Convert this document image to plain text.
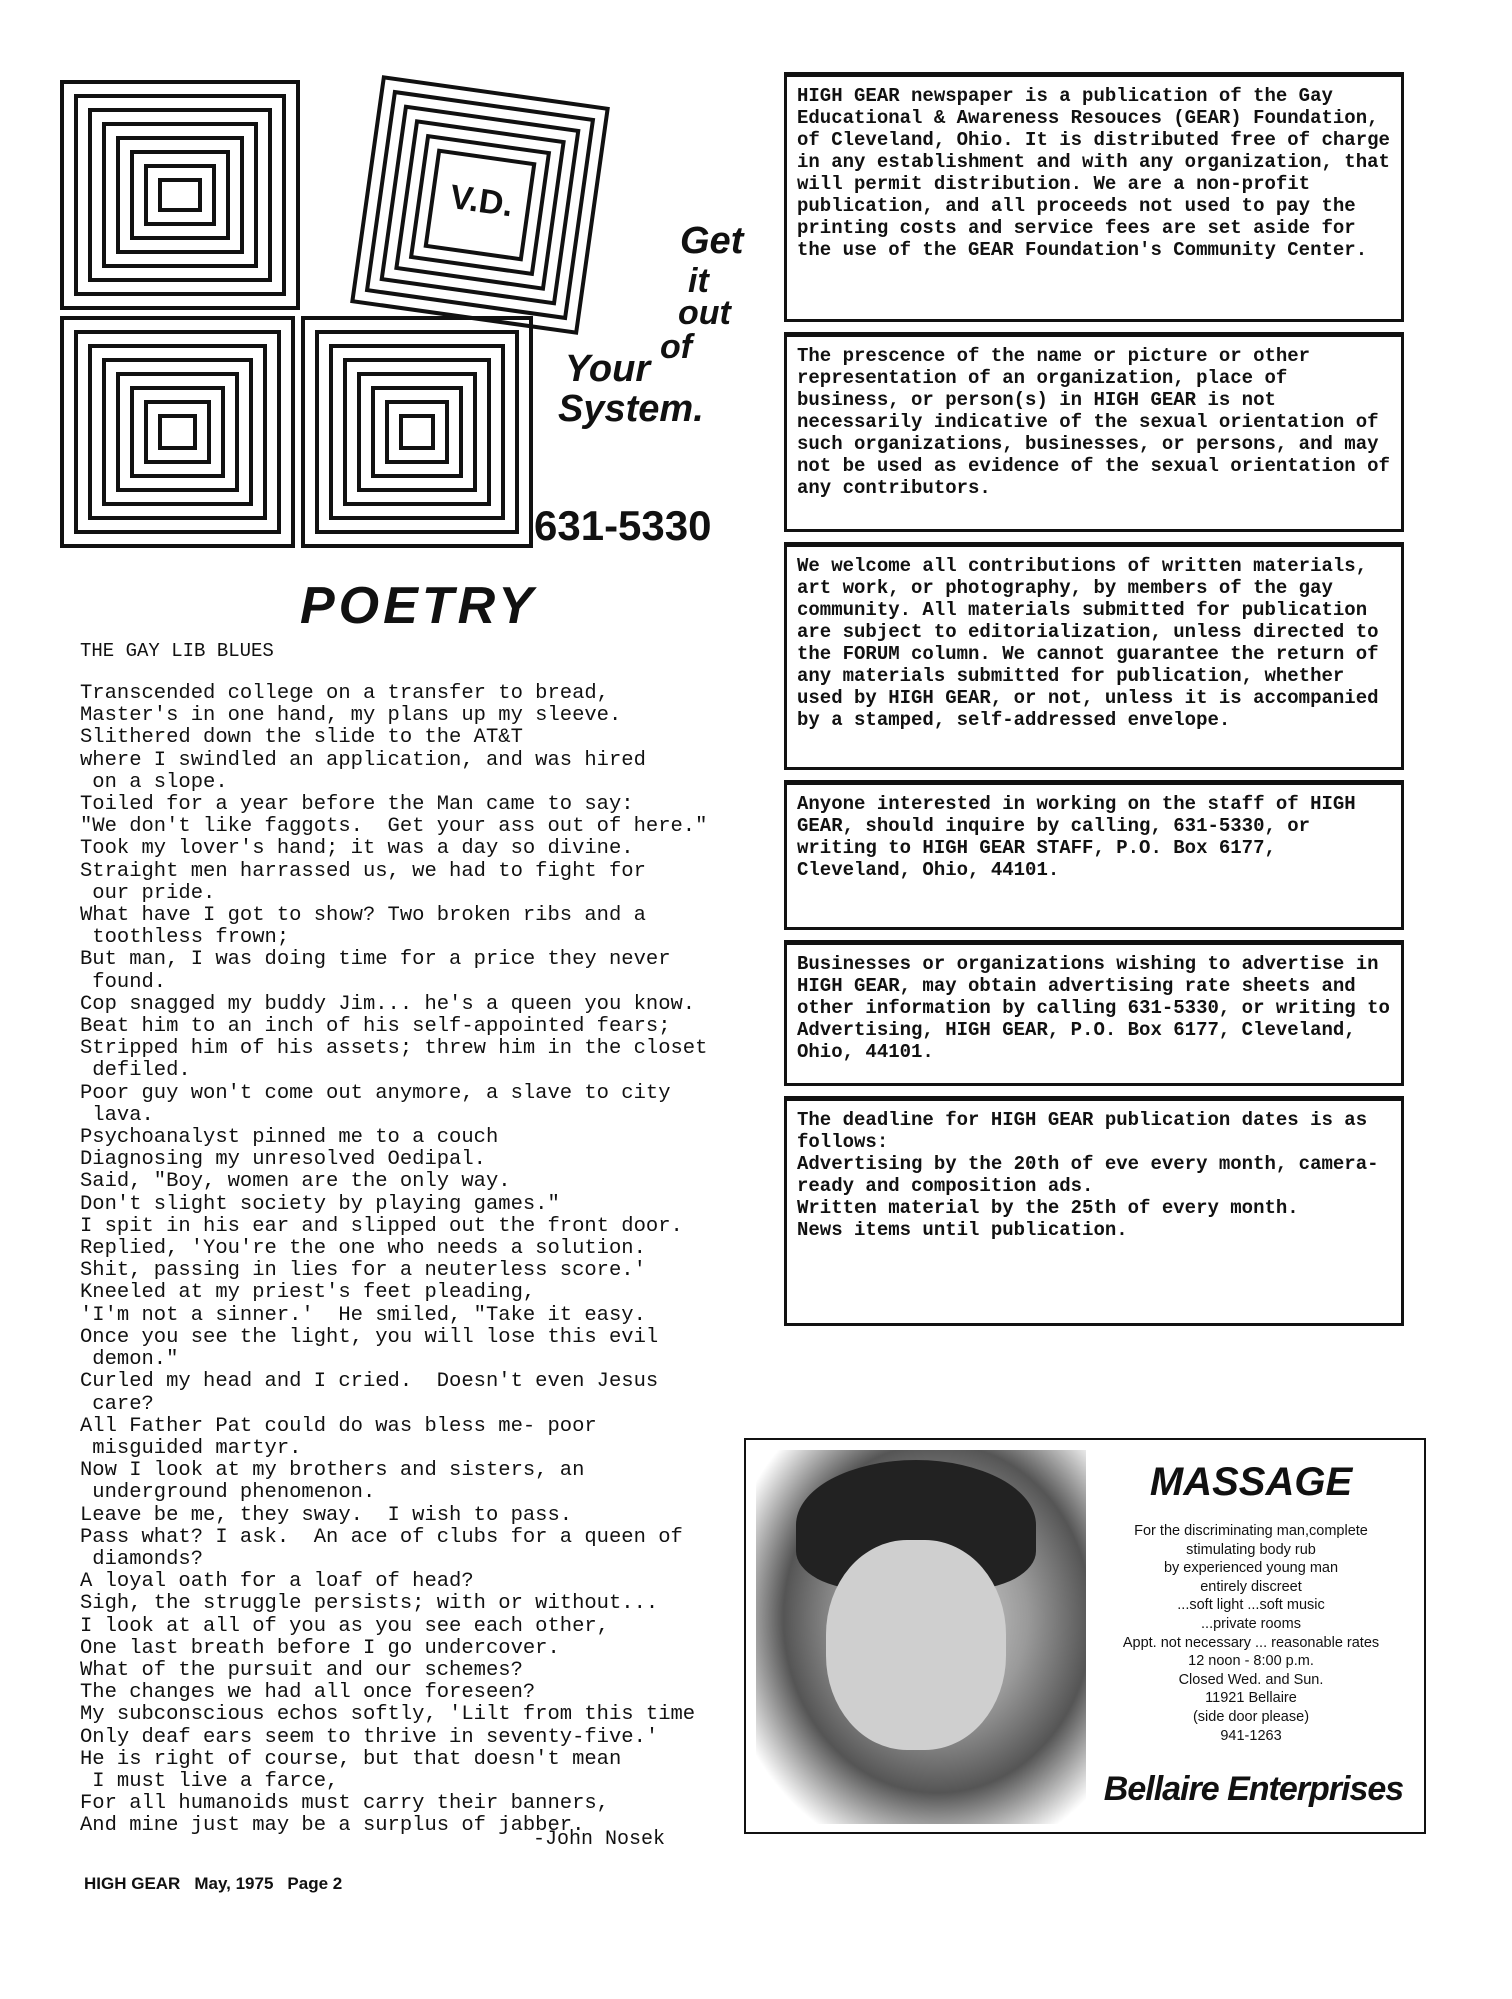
V.D.
Get
it
out
of
Your
System.
631-5330
POETRY
THE GAY LIB BLUES
Transcended college on a transfer to bread,
Master's in one hand, my plans up my sleeve.
Slithered down the slide to the AT&T
where I swindled an application, and was hired
on a slope.
Toiled for a year before the Man came to say:
"We don't like faggots.  Get your ass out of here."
Took my lover's hand; it was a day so divine.
Straight men harrassed us, we had to fight for
our pride.
What have I got to show? Two broken ribs and a
toothless frown;
But man, I was doing time for a price they never
found.
Cop snagged my buddy Jim... he's a queen you know.
Beat him to an inch of his self-appointed fears;
Stripped him of his assets; threw him in the closet
defiled.
Poor guy won't come out anymore, a slave to city
lava.
Psychoanalyst pinned me to a couch
Diagnosing my unresolved Oedipal.
Said, "Boy, women are the only way.
Don't slight society by playing games."
I spit in his ear and slipped out the front door.
Replied, 'You're the one who needs a solution.
Shit, passing in lies for a neuterless score.'
Kneeled at my priest's feet pleading,
'I'm not a sinner.'  He smiled, "Take it easy.
Once you see the light, you will lose this evil
demon."
Curled my head and I cried.  Doesn't even Jesus
care?
All Father Pat could do was bless me- poor
misguided martyr.
Now I look at my brothers and sisters, an
underground phenomenon.
Leave be me, they sway.  I wish to pass.
Pass what? I ask.  An ace of clubs for a queen of
diamonds?
A loyal oath for a loaf of head?
Sigh, the struggle persists; with or without...
I look at all of you as you see each other,
One last breath before I go undercover.
What of the pursuit and our schemes?
The changes we had all once foreseen?
My subconscious echos softly, 'Lilt from this time
Only deaf ears seem to thrive in seventy-five.'
He is right of course, but that doesn't mean
I must live a farce,
For all humanoids must carry their banners,
And mine just may be a surplus of jabber.
-John Nosek
HIGH GEAR May, 1975 Page 2

HIGH GEAR newspaper is a publication of the Gay Educational & Awareness Resouces (GEAR) Foundation, of Cleveland, Ohio. It is distributed free of charge in any establishment and with any organization, that will permit distribution. We are a non-profit publication, and all proceeds not used to pay the printing costs and service fees are set aside for the use of the GEAR Foundation's Community Center.

The prescence of the name or picture or other representation of an organization, place of business, or person(s) in HIGH GEAR is not necessarily indicative of the sexual orientation of such organizations, businesses, or persons, and may not be used as evidence of the sexual orientation of any contributors.

We welcome all contributions of written materials, art work, or photography, by members of the gay community. All materials submitted for publication are subject to editorialization, unless directed to the FORUM column. We cannot guarantee the return of any materials submitted for publication, whether used by HIGH GEAR, or not, unless it is accompanied by a stamped, self-addressed envelope.

Anyone interested in working on the staff of HIGH GEAR, should inquire by calling, 631-5330, or writing to HIGH GEAR STAFF, P.O. Box 6177, Cleveland, Ohio, 44101.

Businesses or organizations wishing to advertise in HIGH GEAR, may obtain advertising rate sheets and other information by calling 631-5330, or writing to Advertising, HIGH GEAR, P.O. Box 6177, Cleveland, Ohio, 44101.

The deadline for HIGH GEAR publication dates is as follows:

Advertising by the 20th of eve every month, camera-ready and composition ads.

Written material by the 25th of every month.

News items until publication.

MASSAGE
For the discriminating man,complete
stimulating body rub
by experienced young man
entirely discreet
...soft light ...soft music
...private rooms
Appt. not necessary ... reasonable rates
12 noon - 8:00 p.m.
Closed Wed. and Sun.
11921 Bellaire
(side door please)
941-1263
Bellaire Enterprises
